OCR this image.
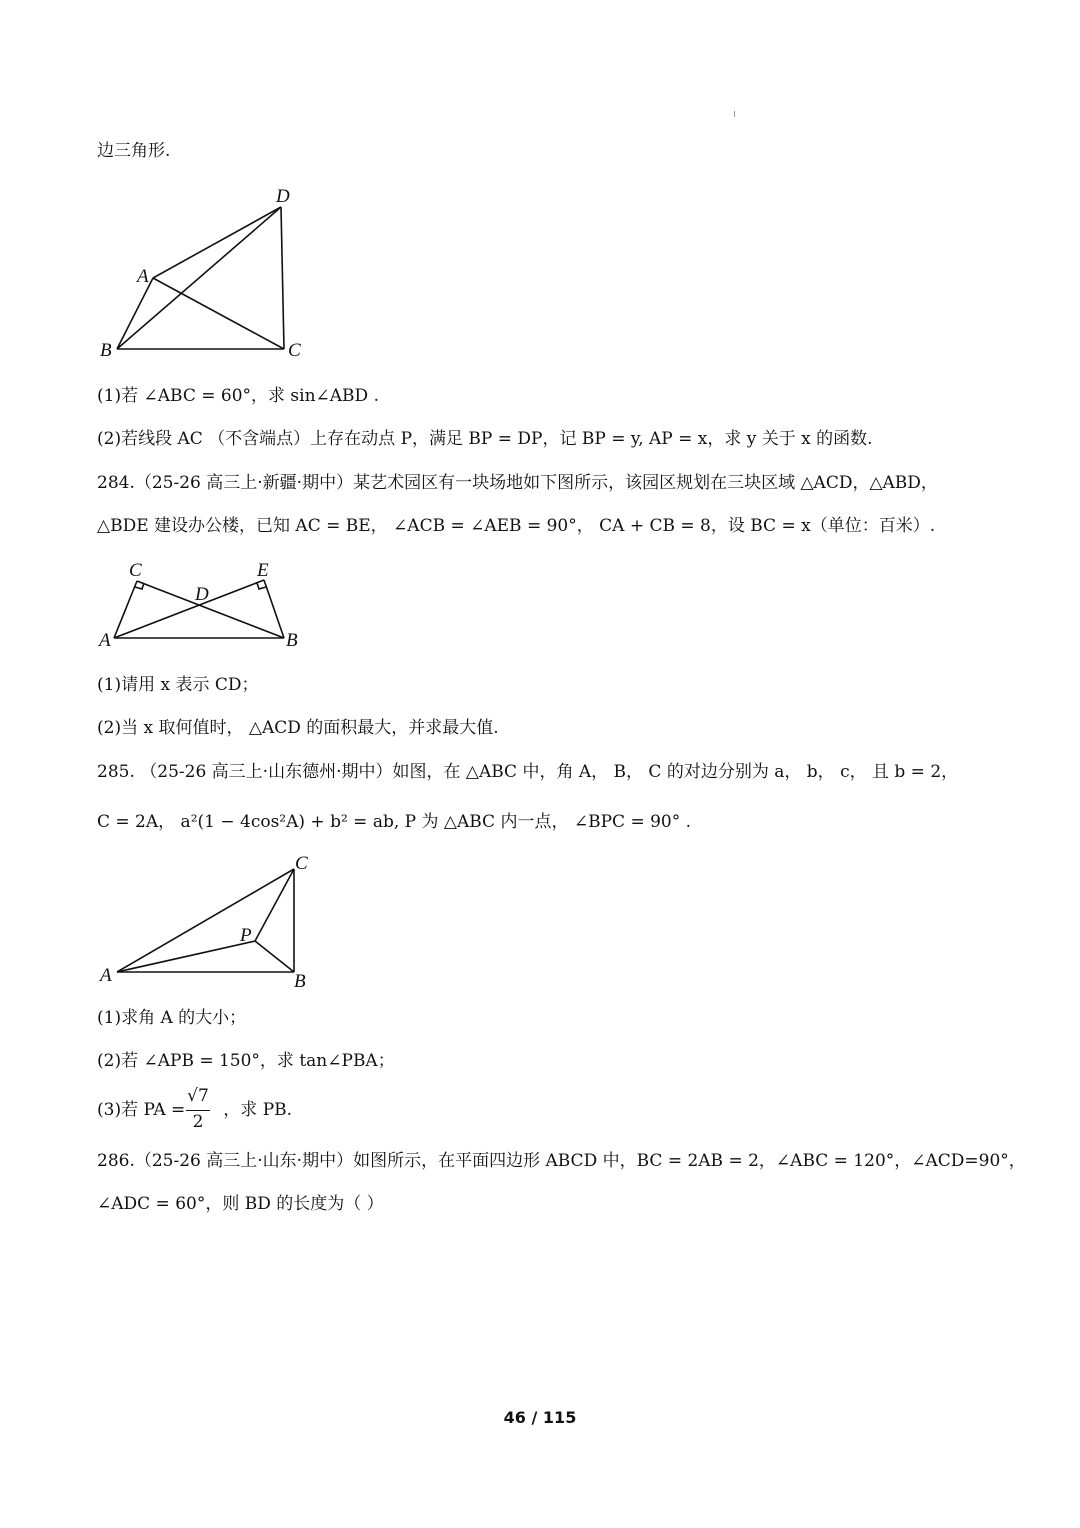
边三角形.
D
A
B	C
(1)若 ∠ABC = 60°，求 sin∠ABD .
(2)若线段 AC （不含端点）上存在动点 P，满足 BP = DP，记 BP = y, AP = x，求 y 关于 x 的函数.
284.（25-26 高三上·新疆·期中）某艺术园区有一块场地如下图所示，该园区规划在三块区域 △ACD，△ABD，
△BDE 建设办公楼，已知 AC = BE， ∠ACB = ∠AEB = 90°， CA + CB = 8，设 BC = x（单位：百米）.
C	E
D
A	B
(1)请用 x 表示 CD；
(2)当 x 取何值时， △ACD 的面积最大，并求最大值.
285. （25-26 高三上·山东德州·期中）如图，在 △ABC 中，角 A， B， C 的对边分别为 a， b， c， 且 b = 2，
C = 2A， a²(1 − 4cos²A) + b² = ab, P 为 △ABC 内一点， ∠BPC = 90° .
C
P
A	B
(1)求角 A 的大小；
(2)若 ∠APB = 150°，求 tan∠PBA；
(3)若 PA = ，求 PB.
√7
2
286.（25-26 高三上·山东·期中）如图所示，在平面四边形 ABCD 中，BC = 2AB = 2，∠ABC = 120°，∠ACD=90°，
∠ADC = 60°，则 BD 的长度为（ ）
46 / 115
